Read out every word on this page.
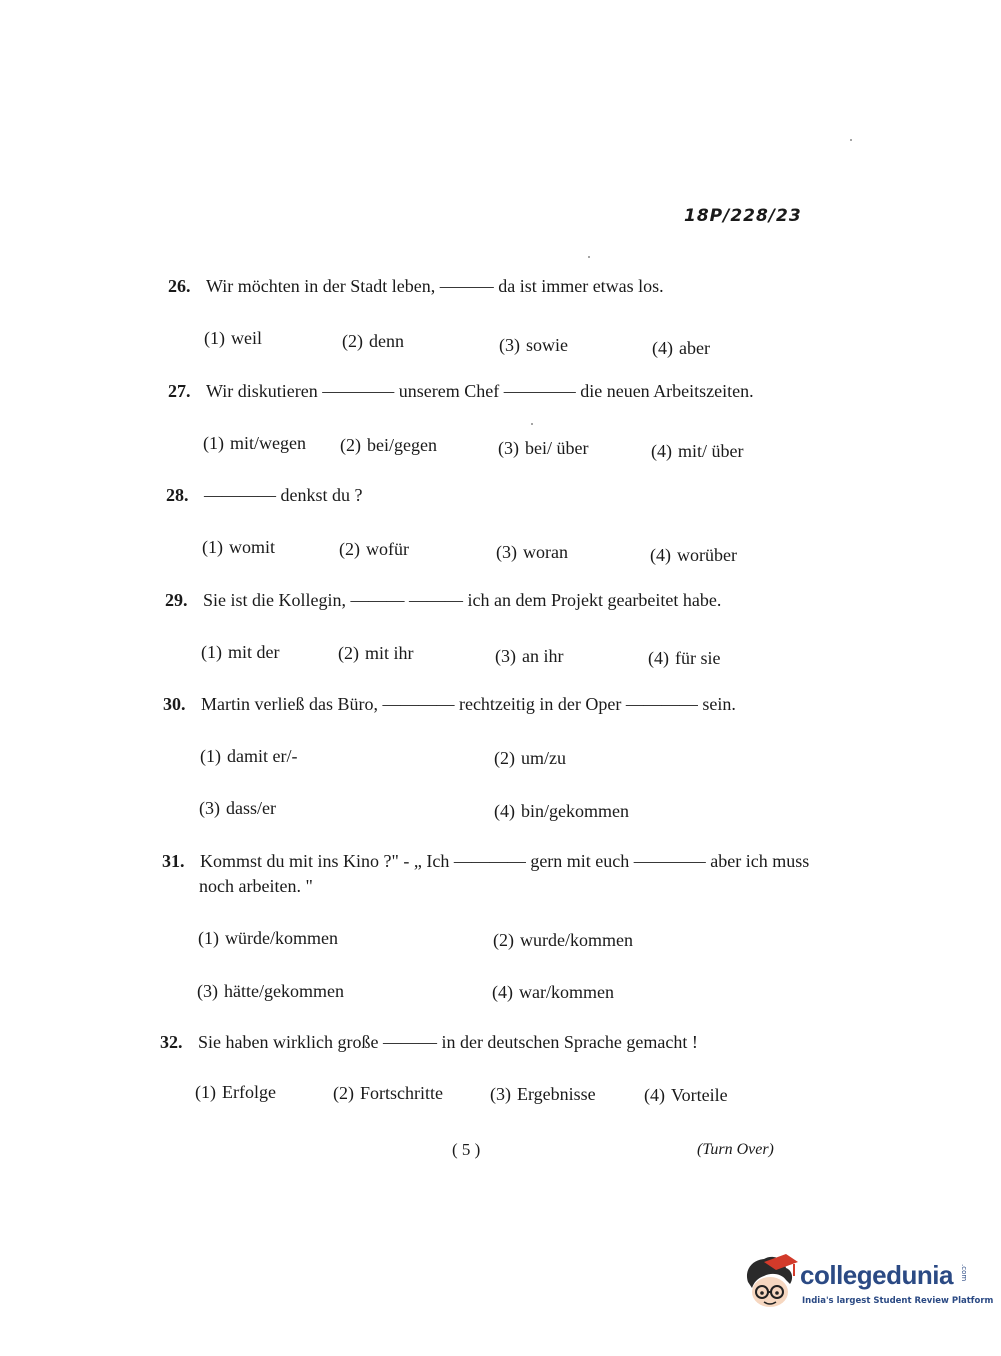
18P/228/23
26. Wir möchten in der Stadt leben, ——— da ist immer etwas los.
(1) weil	(2) denn	(3) sowie	(4) aber
27. Wir diskutieren ———— unserem Chef ———— die neuen Arbeitszeiten.
(1) mit/wegen (2) bei/gegen	(3) bei/ über	(4) mit/ über
28. ———— denkst du ?
(1) womit	(2) wofür	(3) woran	(4) worüber
29. Sie ist die Kollegin, ——— ——— ich an dem Projekt gearbeitet habe.
(1) mit der	(2) mit ihr	(3) an ihr	(4) für sie
30. Martin verließ das Büro, ———— rechtzeitig in der Oper ———— sein.
(1) damit er/-	(2) um/zu
(3) dass/er	(4) bin/gekommen
31. Kommst du mit ins Kino ?" - „ Ich ———— gern mit euch ———— aber ich muss
noch arbeiten. "
(1) würde/kommen	(2) wurde/kommen
(3) hätte/gekommen	(4) war/kommen
32. Sie haben wirklich große ——— in der deutschen Sprache gemacht !
(1) Erfolge	(2) Fortschritte	(3) Ergebnisse	(4) Vorteile
( 5 )	(Turn Over)
collegedunia .com
India's largest Student Review Platform
